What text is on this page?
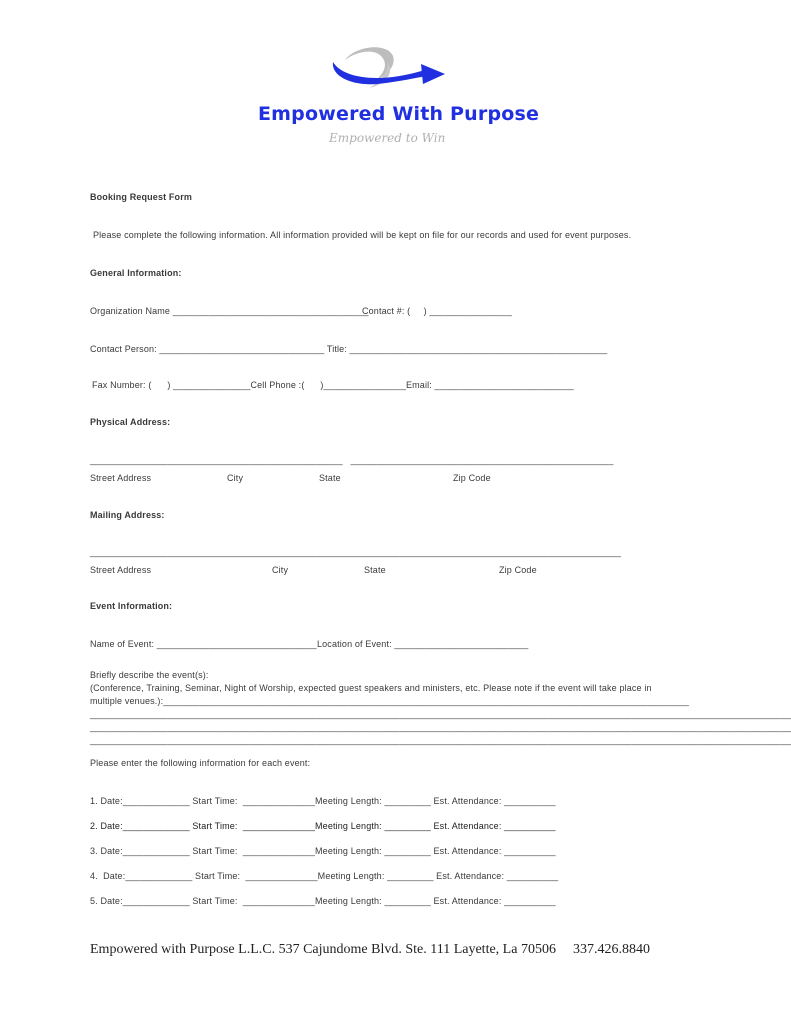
Empowered With Purpose
Empowered to Win
Booking Request Form
Please complete the following information. All information provided will be kept on file for our records and used for event purposes.
General Information:
Organization Name ______________________________________
Contact #: (     ) ________________
Contact Person: ________________________________ Title: __________________________________________________
Fax Number: (      ) _______________Cell Phone :(      )________________Email: ___________________________
Physical Address:
_________________________________________________   ___________________________________________________
Street Address	City	State	Zip Code
Mailing Address:
_______________________________________________________________________________________________________
Street Address	City	State	Zip Code
Event Information:
Name of Event: _______________________________ Location of Event: __________________________
Briefly describe the event(s):
(Conference, Training, Seminar, Night of Worship, expected guest speakers and ministers, etc. Please note if the event will take place in
multiple venues.):______________________________________________________________________________________________________
________________________________________________________________________________________________________________________________________
________________________________________________________________________________________________________________________________________
________________________________________________________________________________________________________________________________________
Please enter the following information for each event:
1. Date:_____________ Start Time:  ______________Meeting Length: _________ Est. Attendance: __________
2. Date:_____________ Start Time:  ______________Meeting Length: _________ Est. Attendance: __________
3. Date:_____________ Start Time:  ______________Meeting Length: _________ Est. Attendance: __________
4.  Date:_____________ Start Time:  ______________Meeting Length: _________ Est. Attendance: __________
5. Date:_____________ Start Time:  ______________Meeting Length: _________ Est. Attendance: __________
Empowered with Purpose L.L.C. 537 Cajundome Blvd. Ste. 111 Layette, La 70506 337.426.8840
